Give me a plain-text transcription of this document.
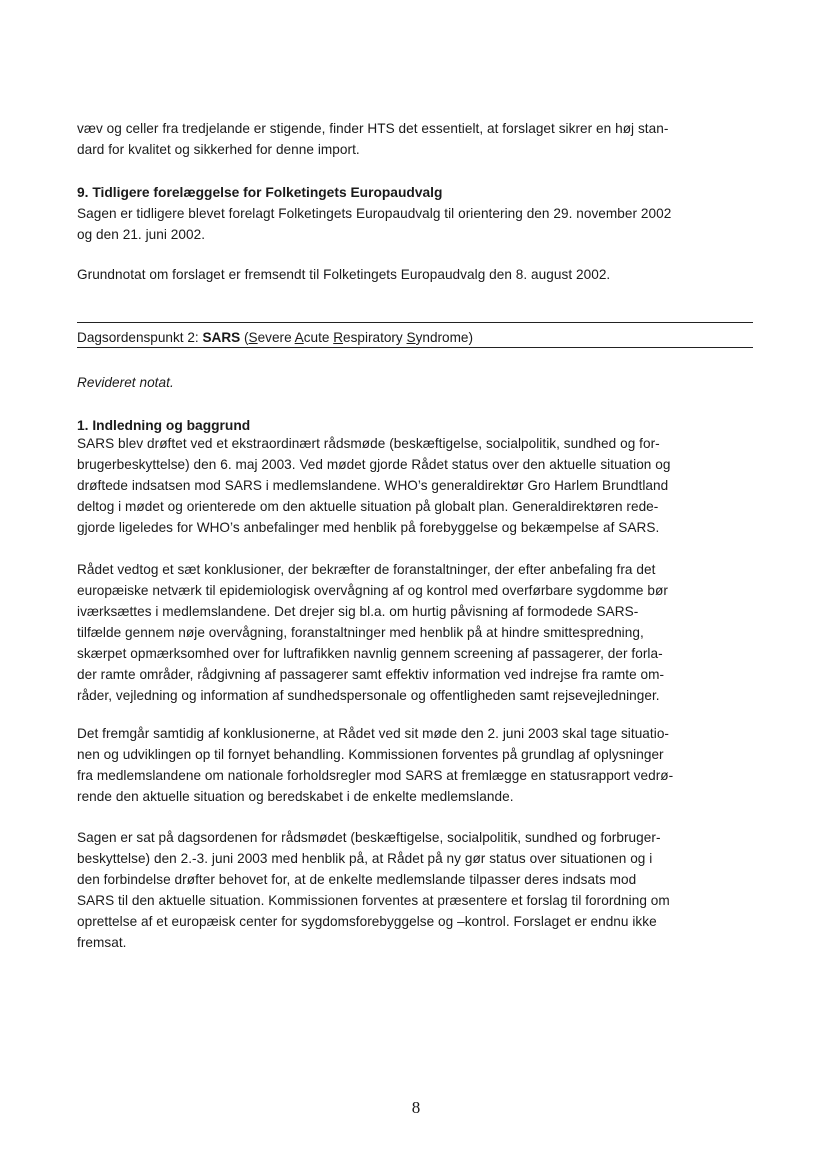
væv og celler fra tredjelande er stigende, finder HTS det essentielt, at forslaget sikrer en høj stan-
dard for kvalitet og sikkerhed for denne import.

9. Tidligere forelæggelse for Folketingets Europaudvalg

Sagen er tidligere blevet forelagt Folketingets Europaudvalg til orientering den 29. november 2002
og den 21. juni 2002.

Grundnotat om forslaget er fremsendt til Folketingets Europaudvalg den 8. august 2002.

Dagsordenspunkt 2: SARS (Severe Acute Respiratory Syndrome)

Revideret notat.

1. Indledning og baggrund

SARS blev drøftet ved et ekstraordinært rådsmøde (beskæftigelse, socialpolitik, sundhed og for-
brugerbeskyttelse) den 6. maj 2003. Ved mødet gjorde Rådet status over den aktuelle situation og
drøftede indsatsen mod SARS i medlemslandene. WHO’s generaldirektør Gro Harlem Brundtland
deltog i mødet og orienterede om den aktuelle situation på globalt plan. Generaldirektøren rede-
gjorde ligeledes for WHO’s anbefalinger med henblik på forebyggelse og bekæmpelse af SARS.

Rådet vedtog et sæt konklusioner, der bekræfter de foranstaltninger, der efter anbefaling fra det
europæiske netværk til epidemiologisk overvågning af og kontrol med overførbare sygdomme bør
iværksættes i medlemslandene. Det drejer sig bl.a. om hurtig påvisning af formodede SARS-
tilfælde gennem nøje overvågning, foranstaltninger med henblik på at hindre smittespredning,
skærpet opmærksomhed over for luftrafikken navnlig gennem screening af passagerer, der forla-
der ramte områder, rådgivning af passagerer samt effektiv information ved indrejse fra ramte om-
råder, vejledning og information af sundhedspersonale og offentligheden samt rejsevejledninger.

Det fremgår samtidig af konklusionerne, at Rådet ved sit møde den 2. juni 2003 skal tage situatio-
nen og udviklingen op til fornyet behandling. Kommissionen forventes på grundlag af oplysninger
fra medlemslandene om nationale forholdsregler mod SARS at fremlægge en statusrapport vedrø-
rende den aktuelle situation og beredskabet i de enkelte medlemslande.

Sagen er sat på dagsordenen for rådsmødet (beskæftigelse, socialpolitik, sundhed og forbruger-
beskyttelse) den 2.-3. juni 2003 med henblik på, at Rådet på ny gør status over situationen og i
den forbindelse drøfter behovet for, at de enkelte medlemslande tilpasser deres indsats mod
SARS til den aktuelle situation. Kommissionen forventes at præsentere et forslag til forordning om
oprettelse af et europæisk center for sygdomsforebyggelse og –kontrol. Forslaget er endnu ikke
fremsat.

8
